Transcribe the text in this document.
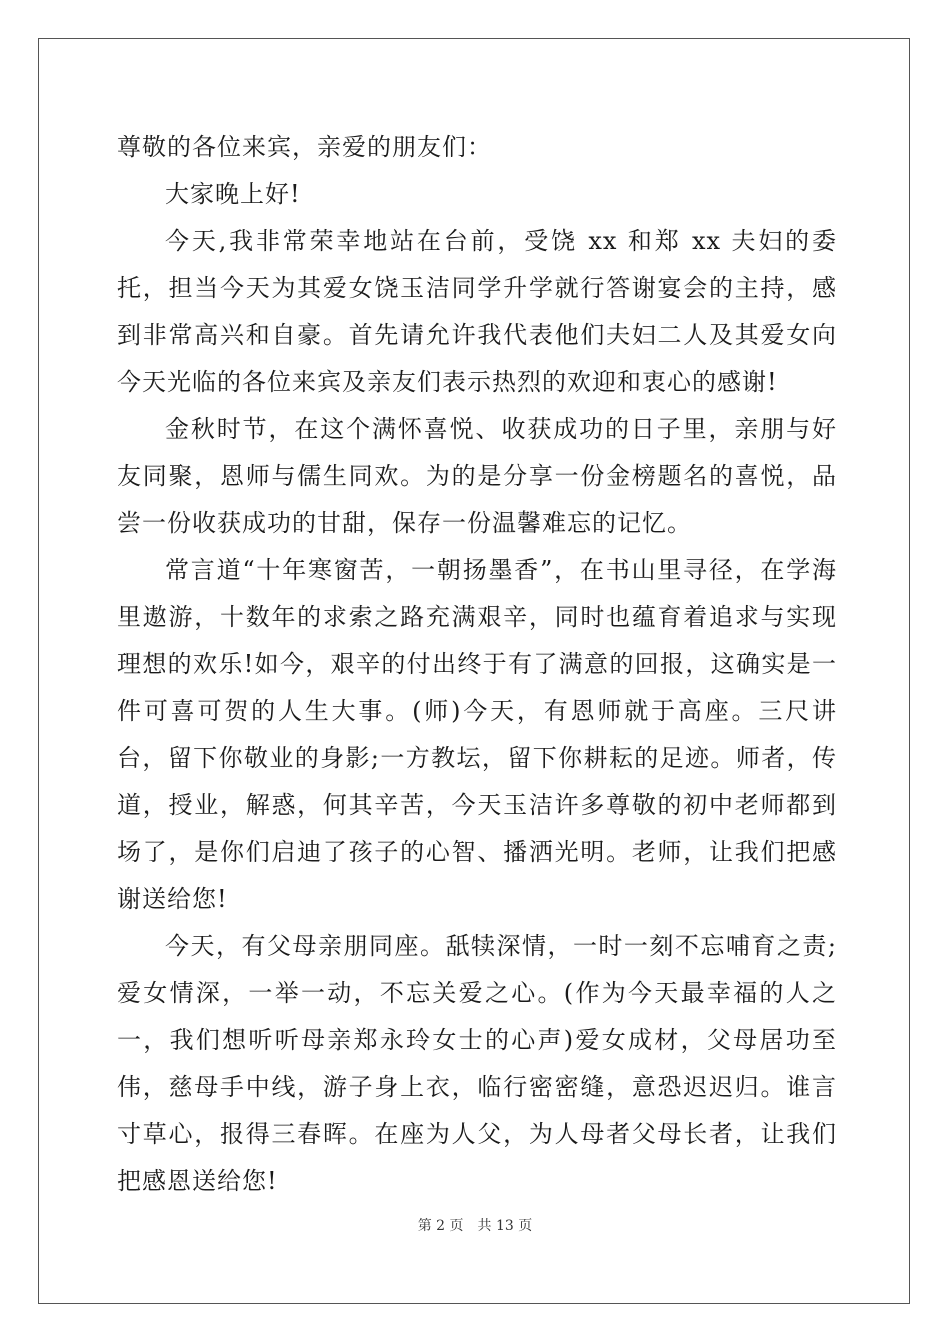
尊敬的各位来宾，亲爱的朋友们：

大家晚上好!

今天,我非常荣幸地站在台前，受饶 xx 和郑 xx 夫妇的委托，担当今天为其爱女饶玉洁同学升学就行答谢宴会的主持，感到非常高兴和自豪。首先请允许我代表他们夫妇二人及其爱女向今天光临的各位来宾及亲友们表示热烈的欢迎和衷心的感谢!

金秋时节，在这个满怀喜悦、收获成功的日子里，亲朋与好友同聚，恩师与儒生同欢。为的是分享一份金榜题名的喜悦，品尝一份收获成功的甘甜，保存一份温馨难忘的记忆。

常言道“十年寒窗苦，一朝扬墨香”，在书山里寻径，在学海里遨游，十数年的求索之路充满艰辛，同时也蕴育着追求与实现理想的欢乐!如今，艰辛的付出终于有了满意的回报，这确实是一件可喜可贺的人生大事。(师)今天，有恩师就于高座。三尺讲台，留下你敬业的身影;一方教坛，留下你耕耘的足迹。师者，传道，授业，解惑，何其辛苦，今天玉洁许多尊敬的初中老师都到场了，是你们启迪了孩子的心智、播洒光明。老师，让我们把感谢送给您!

今天，有父母亲朋同座。舐犊深情，一时一刻不忘哺育之责;爱女情深，一举一动，不忘关爱之心。(作为今天最幸福的人之一，我们想听听母亲郑永玲女士的心声)爱女成材，父母居功至伟，慈母手中线，游子身上衣，临行密密缝，意恐迟迟归。谁言寸草心，报得三春晖。在座为人父，为人母者父母长者，让我们把感恩送给您!

第 2 页　共 13 页
